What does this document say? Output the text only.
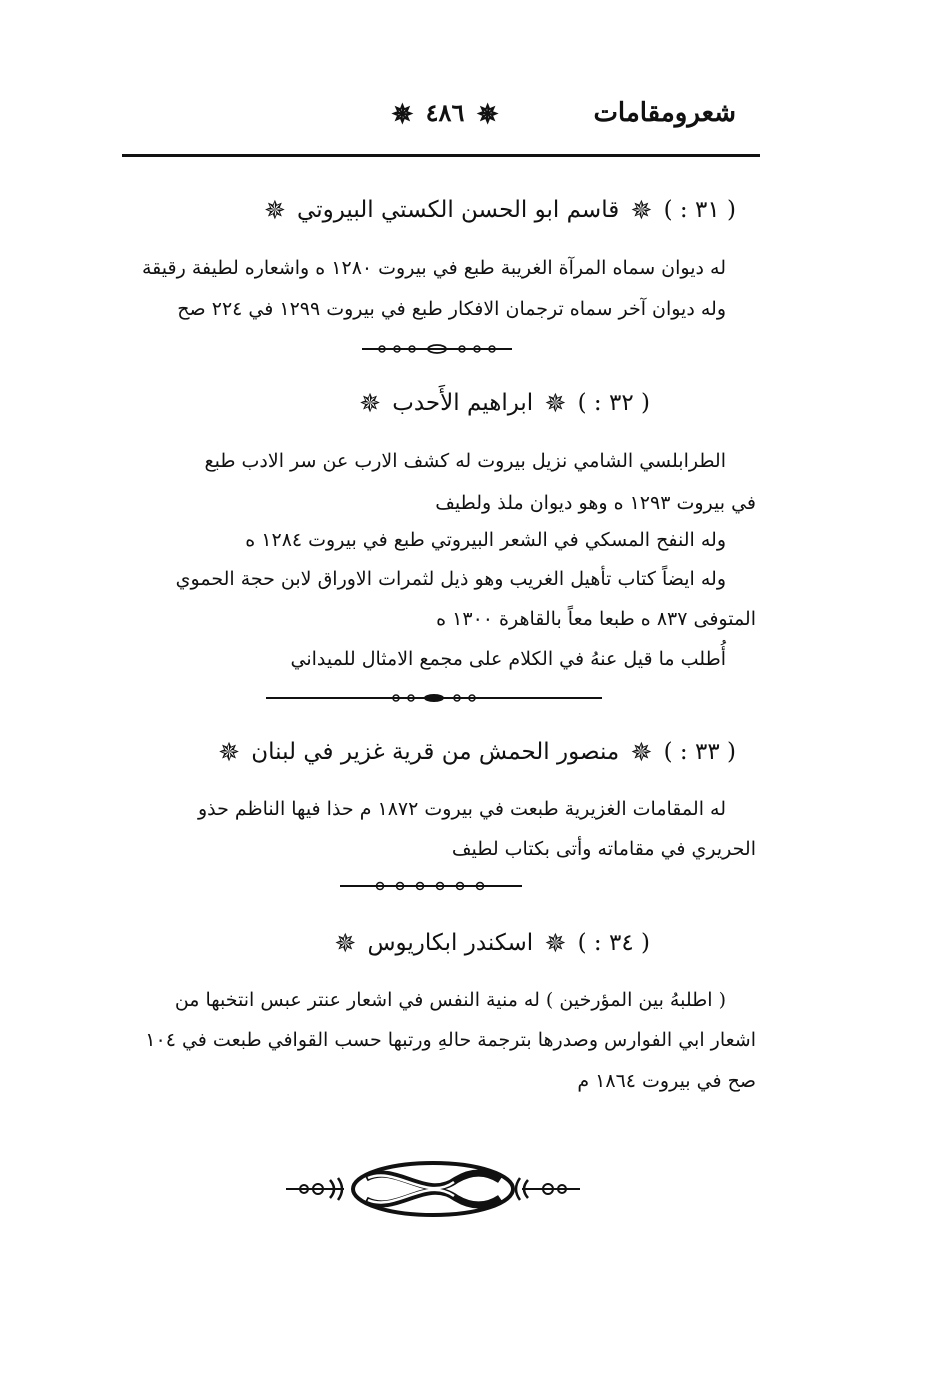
شعرومقامات
✵ ٤٨٦ ✵
( ٣١ : ) ✵ قاسم ابو الحسن الكستي البيروتي ✵
له ديوان سماه المرآة الغريبة طبع في بيروت ١٢٨٠ ه واشعاره لطيفة رقيقة
وله ديوان آخر سماه ترجمان الافكار طبع في بيروت ١٢٩٩ في ٢٢٤ صح
( ٣٢ : ) ✵ ابراهيم الأَحدب ✵
الطرابلسي الشامي نزيل بيروت له كشف الارب عن سر الادب طبع
في بيروت ١٢٩٣ ه وهو ديوان ملذ ولطيف
وله النفح المسكي في الشعر البيروتي طبع في بيروت ١٢٨٤ ه
وله ايضاً كتاب تأهيل الغريب وهو ذيل لثمرات الاوراق لابن حجة الحموي
المتوفى ٨٣٧ ه طبعا معاً بالقاهرة ١٣٠٠ ه
أُطلب ما قيل عنهُ في الكلام على مجمع الامثال للميداني
( ٣٣ : ) ✵ منصور الحمش من قرية غزير في لبنان ✵
له المقامات الغزيرية طبعت في بيروت ١٨٧٢ م حذا فيها الناظم حذو
الحريري في مقاماته وأتى بكتاب لطيف
( ٣٤ : ) ✵ اسكندر ابكاريوس ✵
( اطلبهُ بين المؤرخين ) له منية النفس في اشعار عنتر عبس انتخبها من
اشعار ابي الفوارس وصدرها بترجمة حالهِ ورتبها حسب القوافي طبعت في ١٠٤
صح في بيروت ١٨٦٤ م
